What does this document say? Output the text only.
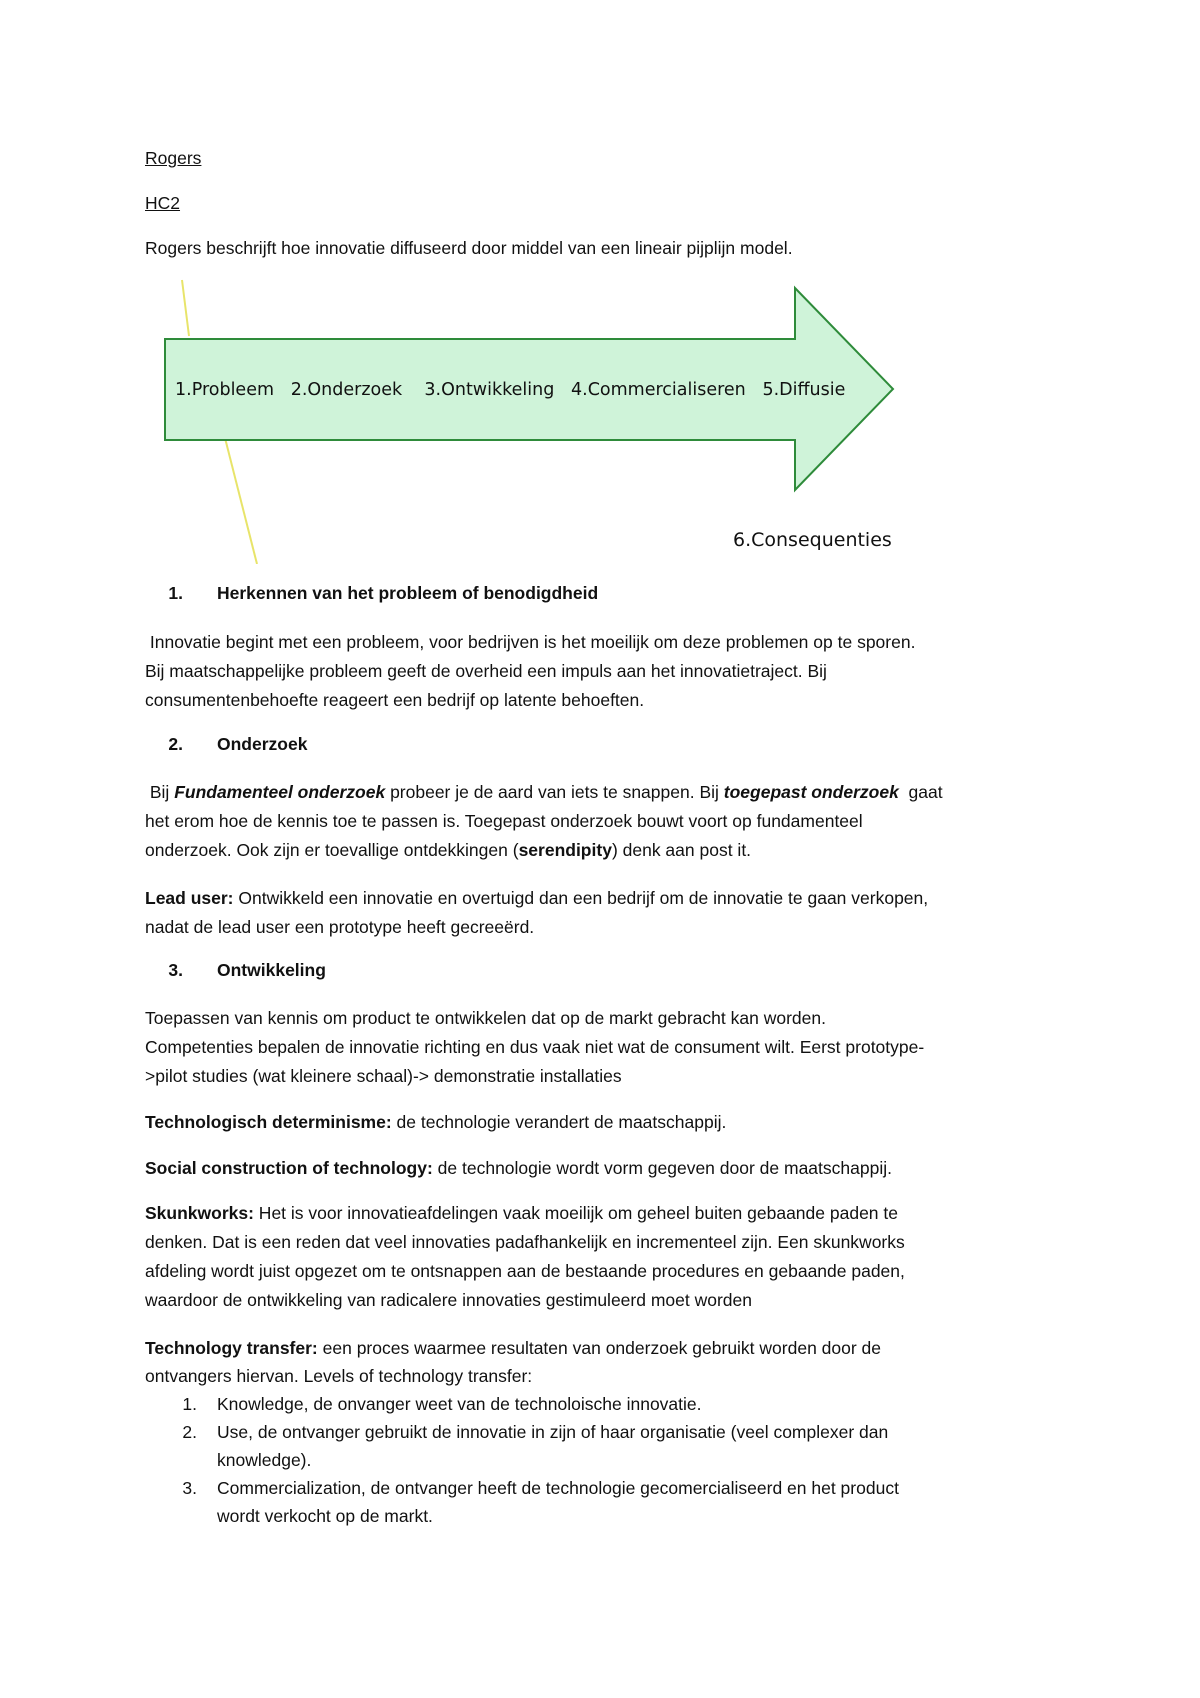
Rogers
HC2
Rogers beschrijft hoe innovatie diffuseerd door middel van een lineair pijplijn model.
1.Probleem   2.Onderzoek    3.Ontwikkeling   4.Commercialiseren   5.Diffusie
6.Consequenties
1. Herkennen van het probleem of benodigdheid

Innovatie begint met een probleem, voor bedrijven is het moeilijk om deze problemen op te sporen.

Bij maatschappelijke probleem geeft de overheid een impuls aan het innovatietraject. Bij

consumentenbehoefte reageert een bedrijf op latente behoeften.

2. Onderzoek

Bij Fundamenteel onderzoek probeer je de aard van iets te snappen. Bij toegepast onderzoek  gaat

het erom hoe de kennis toe te passen is. Toegepast onderzoek bouwt voort op fundamenteel

onderzoek. Ook zijn er toevallige ontdekkingen (serendipity) denk aan post it.

Lead user: Ontwikkeld een innovatie en overtuigd dan een bedrijf om de innovatie te gaan verkopen,

nadat de lead user een prototype heeft gecreeërd.

3. Ontwikkeling

Toepassen van kennis om product te ontwikkelen dat op de markt gebracht kan worden.

Competenties bepalen de innovatie richting en dus vaak niet wat de consument wilt. Eerst prototype-

>pilot studies (wat kleinere schaal)-> demonstratie installaties

Technologisch determinisme: de technologie verandert de maatschappij.
Social construction of technology: de technologie wordt vorm gegeven door de maatschappij.

Skunkworks: Het is voor innovatieafdelingen vaak moeilijk om geheel buiten gebaande paden te

denken. Dat is een reden dat veel innovaties padafhankelijk en incrementeel zijn. Een skunkworks

afdeling wordt juist opgezet om te ontsnappen aan de bestaande procedures en gebaande paden,

waardoor de ontwikkeling van radicalere innovaties gestimuleerd moet worden

Technology transfer: een proces waarmee resultaten van onderzoek gebruikt worden door de

ontvangers hiervan. Levels of technology transfer:

1. Knowledge, de onvanger weet van de technoloische innovatie.
2. Use, de ontvanger gebruikt de innovatie in zijn of haar organisatie (veel complexer dan
knowledge).
3. Commercialization, de ontvanger heeft de technologie gecomercialiseerd en het product
wordt verkocht op de markt.
